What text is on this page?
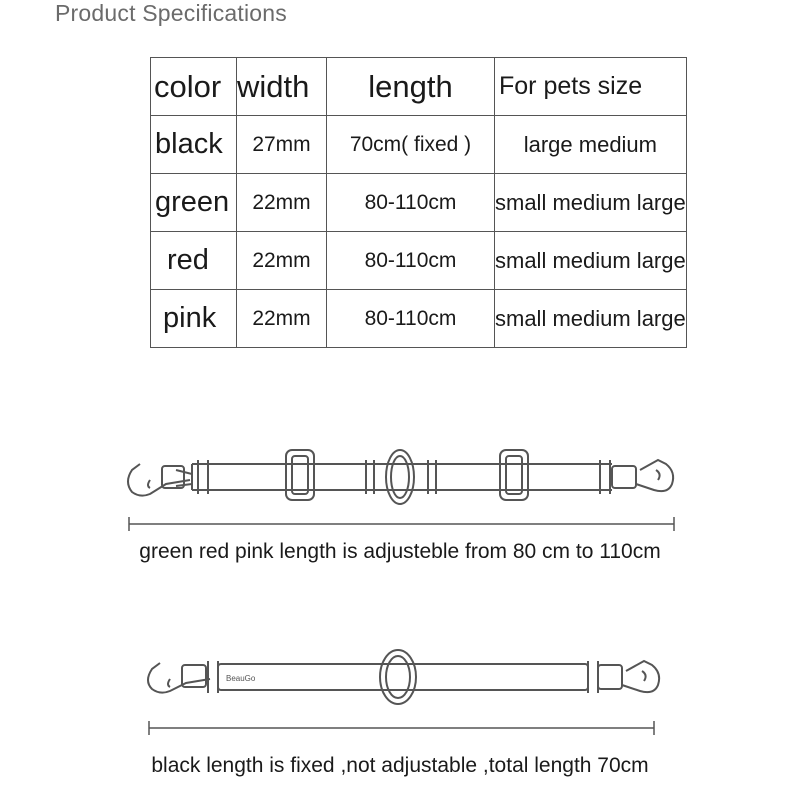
Product Specifications
color	width	length	For pets size
black	27mm	70cm( fixed )	large medium
green	22mm	80-110cm	small medium large
red	22mm	80-110cm	small medium large
pink	22mm	80-110cm	small medium large
green red pink length is adjusteble from 80 cm to 110cm
BeauGo
black length is fixed ,not adjustable ,total length 70cm
